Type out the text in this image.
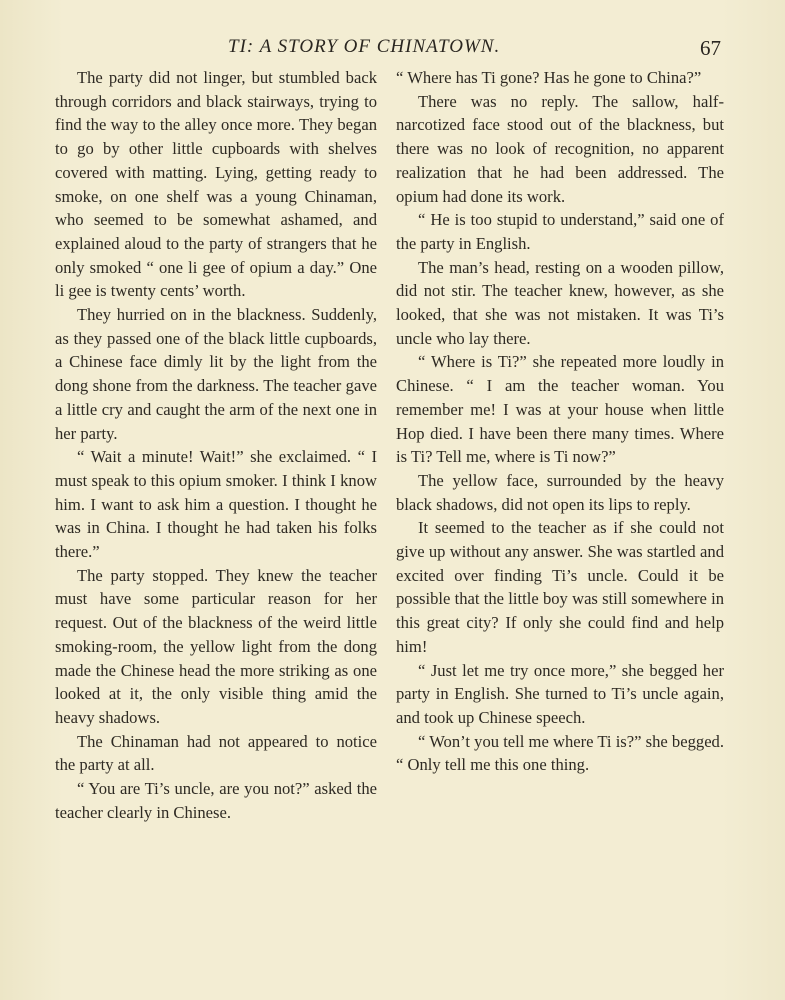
TI: A STORY OF CHINATOWN.	67

The party did not linger, but stumbled back through corridors and black stairways, trying to find the way to the alley once more. They began to go by other little cupboards with shelves covered with matting. Lying, getting ready to smoke, on one shelf was a young Chinaman, who seemed to be somewhat ashamed, and explained aloud to the party of strangers that he only smoked “ one li gee of opium a day.” One li gee is twenty cents’ worth.

They hurried on in the blackness. Suddenly, as they passed one of the black little cupboards, a Chinese face dimly lit by the light from the dong shone from the darkness. The teacher gave a little cry and caught the arm of the next one in her party.

“ Wait a minute! Wait!” she exclaimed. “ I must speak to this opium smoker. I think I know him. I want to ask him a question. I thought he was in China. I thought he had taken his folks there.”

The party stopped. They knew the teacher must have some particular reason for her request. Out of the blackness of the weird little smoking-room, the yellow light from the dong made the Chinese head the more striking as one looked at it, the only visible thing amid the heavy shadows.

The Chinaman had not appeared to notice the party at all.

“ You are Ti’s uncle, are you not?” asked the teacher clearly in Chinese.

“ Where has Ti gone? Has he gone to China?”

There was no reply. The sallow, half-narcotized face stood out of the blackness, but there was no look of recognition, no apparent realization that he had been addressed. The opium had done its work.

“ He is too stupid to understand,” said one of the party in English.

The man’s head, resting on a wooden pillow, did not stir. The teacher knew, however, as she looked, that she was not mistaken. It was Ti’s uncle who lay there.

“ Where is Ti?” she repeated more loudly in Chinese. “ I am the teacher woman. You remember me! I was at your house when little Hop died. I have been there many times. Where is Ti? Tell me, where is Ti now?”

The yellow face, surrounded by the heavy black shadows, did not open its lips to reply.

It seemed to the teacher as if she could not give up without any answer. She was startled and excited over finding Ti’s uncle. Could it be possible that the little boy was still somewhere in this great city? If only she could find and help him!

“ Just let me try once more,” she begged her party in English. She turned to Ti’s uncle again, and took up Chinese speech.

“ Won’t you tell me where Ti is?” she begged. “ Only tell me this one thing.
